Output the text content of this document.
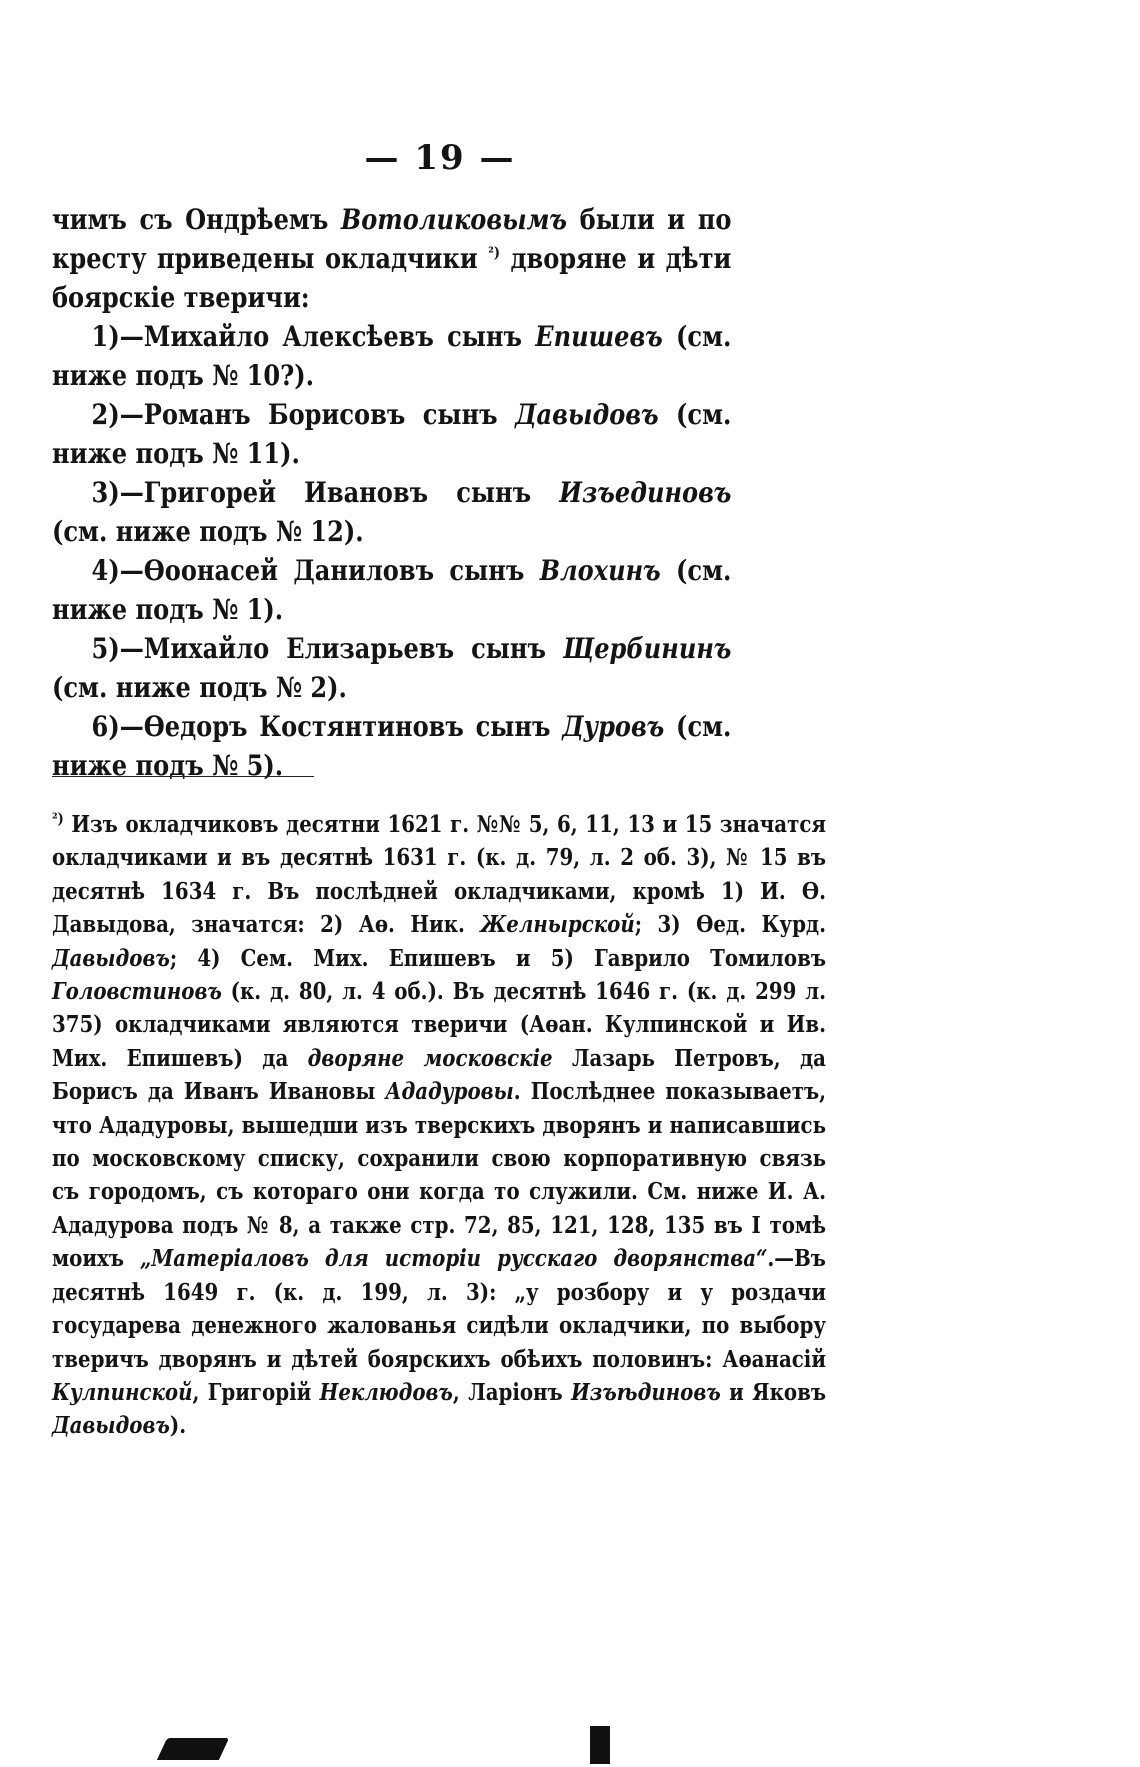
— 19 —

чимъ съ Ондрѣемъ Вотоликовымъ были и по кресту приведены окладчики $^{^2)}$ дворяне и дѣти боярскіе тверичи:

1)—Михайло Алексѣевъ сынъ Епишевъ (см. ниже подъ № 10?).

2)—Романъ Борисовъ сынъ Давыдовъ (см. ниже подъ № 11).

3)—Григорей Ивановъ сынъ Изъединовъ (см. ниже подъ № 12).

4)—Өоонасей Даниловъ сынъ Влохинъ (см. ниже подъ № 1).

5)—Михайло Елизарьевъ сынъ Щербининъ (см. ниже подъ № 2).

6)—Өедоръ Костянтиновъ сынъ Дуровъ (см. ниже подъ № 5).

$^{^2)}$ Изъ окладчиковъ десятни 1621 г. №№ 5, 6, 11, 13 и 15 значатся окладчиками и въ десятнѣ 1631 г. (к. д. 79, л. 2 об. 3), № 15 въ десятнѣ 1634 г. Въ послѣдней окладчиками, кромѣ 1) И. Ө. Давыдова, значатся: 2) Аө. Ник. Желнырской; 3) Өед. Курд. Давыдовъ; 4) Сем. Мих. Епишевъ и 5) Гаврило Томиловъ Головстиновъ (к. д. 80, л. 4 об.). Въ десятнѣ 1646 г. (к. д. 299 л. 375) окладчиками являются тверичи (Аөан. Кулпинской и Ив. Мих. Епишевъ) да дворяне московскіе Лазарь Петровъ, да Борисъ да Иванъ Ивановы Ададуровы. Послѣднее показываетъ, что Ададуровы, вышедши изъ тверскихъ дворянъ и написавшись по московскому списку, сохранили свою корпоративную связь съ городомъ, съ котораго они когда то служили. См. ниже И. А. Ададурова подъ № 8, а также стр. 72, 85, 121, 128, 135 въ I томѣ моихъ „Матеріаловъ для исторіи русскаго дворянства“.—Въ десятнѣ 1649 г. (к. д. 199, л. 3): „у розбору и у роздачи государева денежного жалованья сидѣли окладчики, по выбору тверичъ дворянъ и дѣтей боярскихъ обѣихъ половинъ: Аөанасій Кулпинской, Григорій Неклюдовъ, Ларіонъ Изъѣдиновъ и Яковъ Давыдовъ).
